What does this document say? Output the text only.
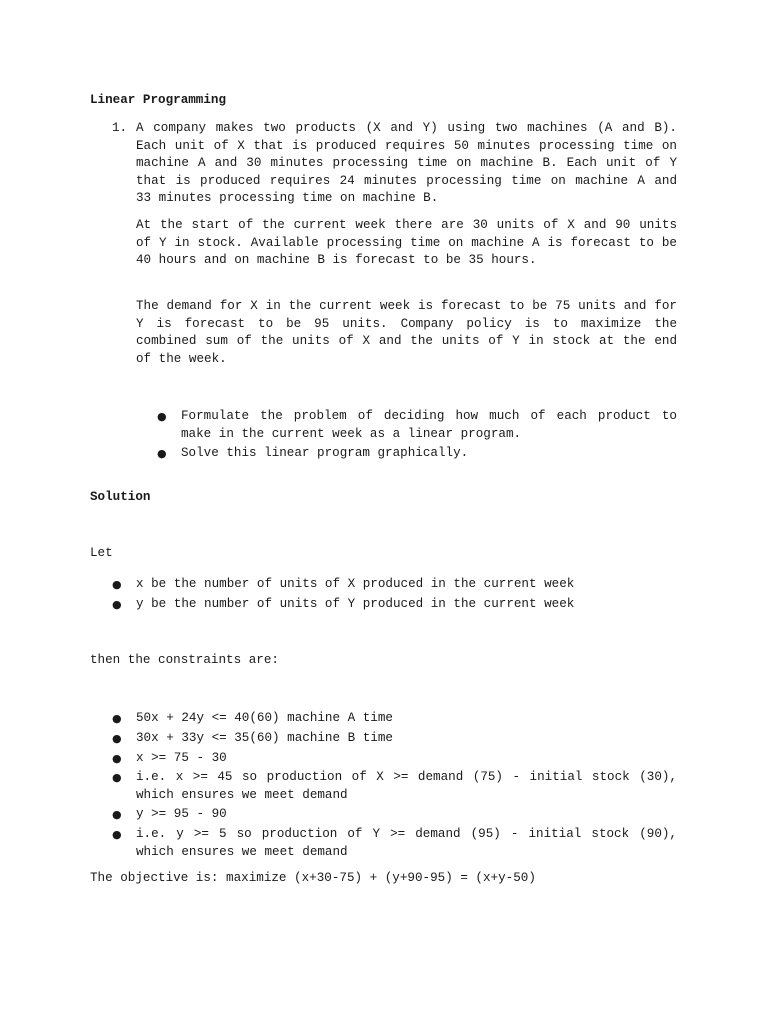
Linear Programming
1. A company makes two products (X and Y) using two machines (A and B). Each unit of X that is produced requires 50 minutes processing time on machine A and 30 minutes processing time on machine B. Each unit of Y that is produced requires 24 minutes processing time on machine A and 33 minutes processing time on machine B.

At the start of the current week there are 30 units of X and 90 units of Y in stock. Available processing time on machine A is forecast to be 40 hours and on machine B is forecast to be 35 hours.

The demand for X in the current week is forecast to be 75 units and for Y is forecast to be 95 units. Company policy is to maximize the combined sum of the units of X and the units of Y in stock at the end of the week.

● Formulate the problem of deciding how much of each product to make in the current week as a linear program.
● Solve this linear program graphically.
Solution
Let
● x be the number of units of X produced in the current week
● y be the number of units of Y produced in the current week
then the constraints are:
● 50x + 24y <= 40(60) machine A time
● 30x + 33y <= 35(60) machine B time
● x >= 75 - 30
● i.e. x >= 45 so production of X >= demand (75) - initial stock (30), which ensures we meet demand
● y >= 95 - 90
● i.e. y >= 5 so production of Y >= demand (95) - initial stock (90), which ensures we meet demand
The objective is: maximize (x+30-75) + (y+90-95) = (x+y-50)
